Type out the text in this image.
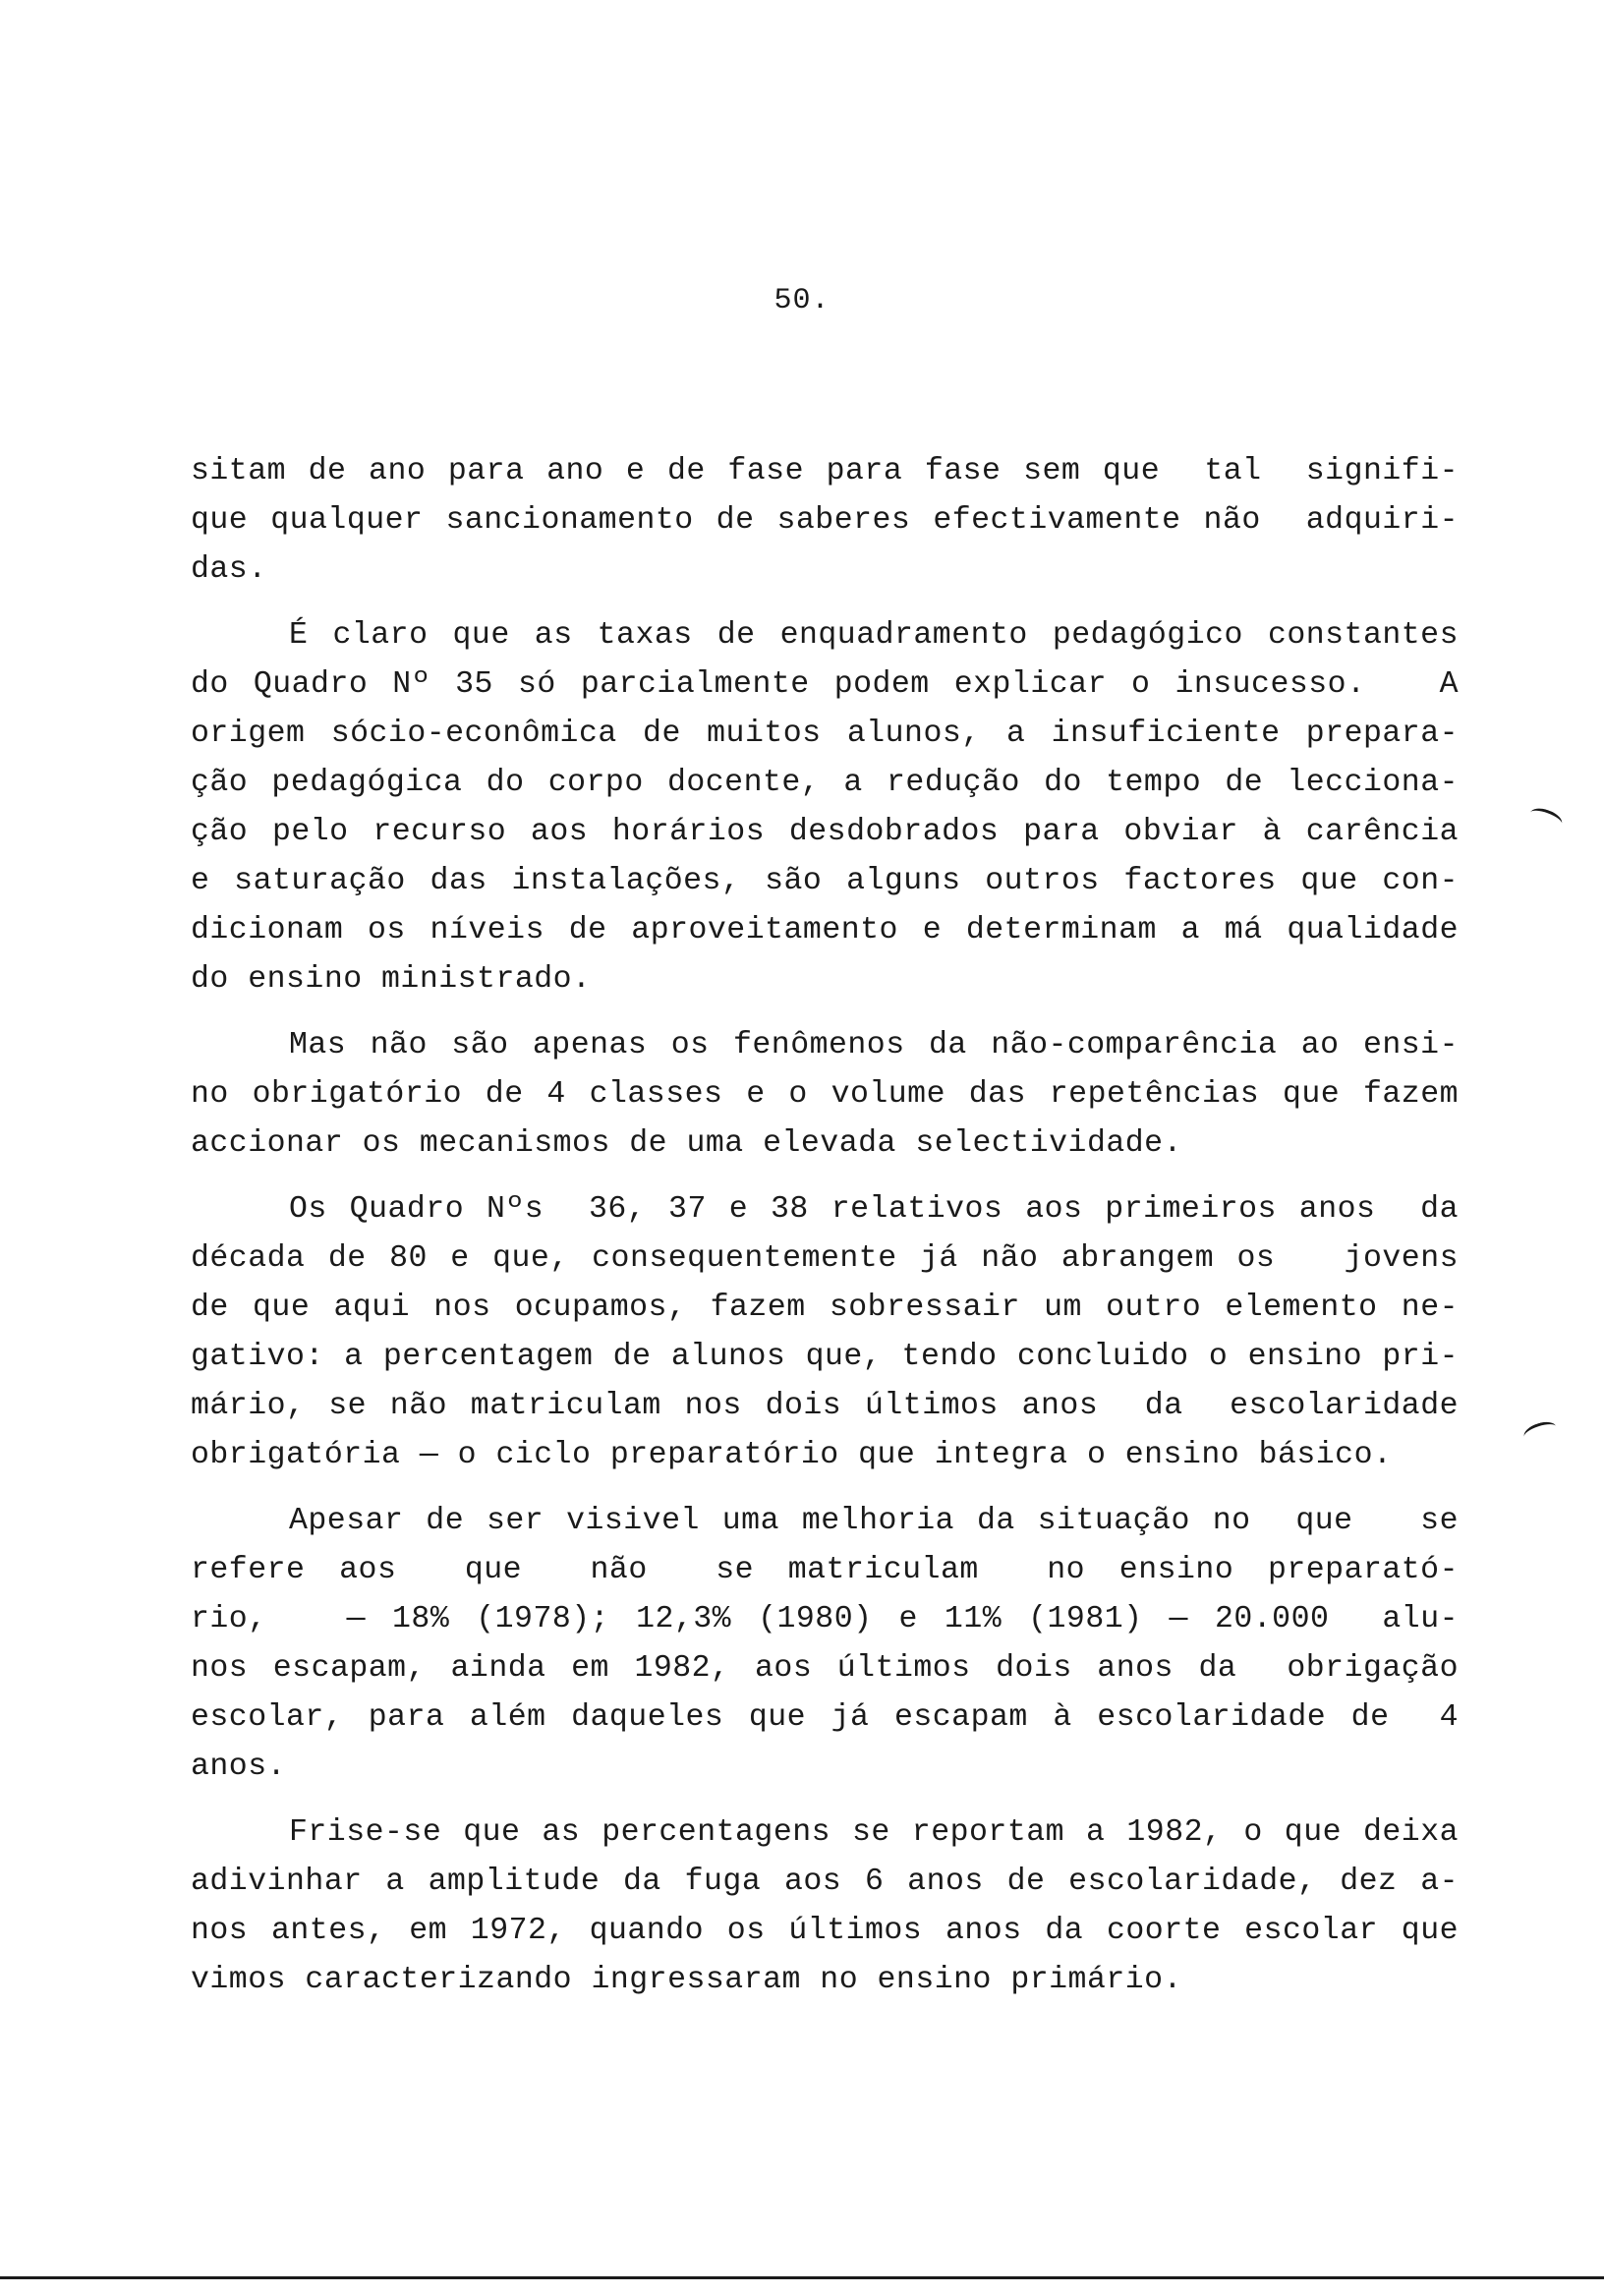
50.
sitam de ano para ano e de fase para fase sem que  tal  signifi-
que qualquer sancionamento de saberes efectivamente não  adquiri-
das.
É claro que as taxas de enquadramento pedagógico constantes
do Quadro Nº 35 só parcialmente podem explicar o insucesso.   A
origem sócio-econômica de muitos alunos, a insuficiente prepara-
ção pedagógica do corpo docente, a redução do tempo de lecciona-
ção pelo recurso aos horários desdobrados para obviar à carência
e saturação das instalações, são alguns outros factores que con-
dicionam os níveis de aproveitamento e determinam a má qualidade
do ensino ministrado.
Mas não são apenas os fenômenos da não-comparência ao ensi-
no obrigatório de 4 classes e o volume das repetências que fazem
accionar os mecanismos de uma elevada selectividade.
Os Quadro Nºs  36, 37 e 38 relativos aos primeiros anos  da
década de 80 e que, consequentemente já não abrangem os   jovens
de que aqui nos ocupamos, fazem sobressair um outro elemento ne-
gativo: a percentagem de alunos que, tendo concluido o ensino pri-
mário, se não matriculam nos dois últimos anos  da  escolaridade
obrigatória — o ciclo preparatório que integra o ensino básico.
Apesar de ser visivel uma melhoria da situação no  que   se
refere aos  que  não  se matriculam  no ensino preparató-
rio,   — 18% (1978); 12,3% (1980) e 11% (1981) — 20.000  alu-
nos escapam, ainda em 1982, aos últimos dois anos da  obrigação
escolar, para além daqueles que já escapam à escolaridade de  4
anos.
Frise-se que as percentagens se reportam a 1982, o que deixa
adivinhar a amplitude da fuga aos 6 anos de escolaridade, dez a-
nos antes, em 1972, quando os últimos anos da coorte escolar que
vimos caracterizando ingressaram no ensino primário.
